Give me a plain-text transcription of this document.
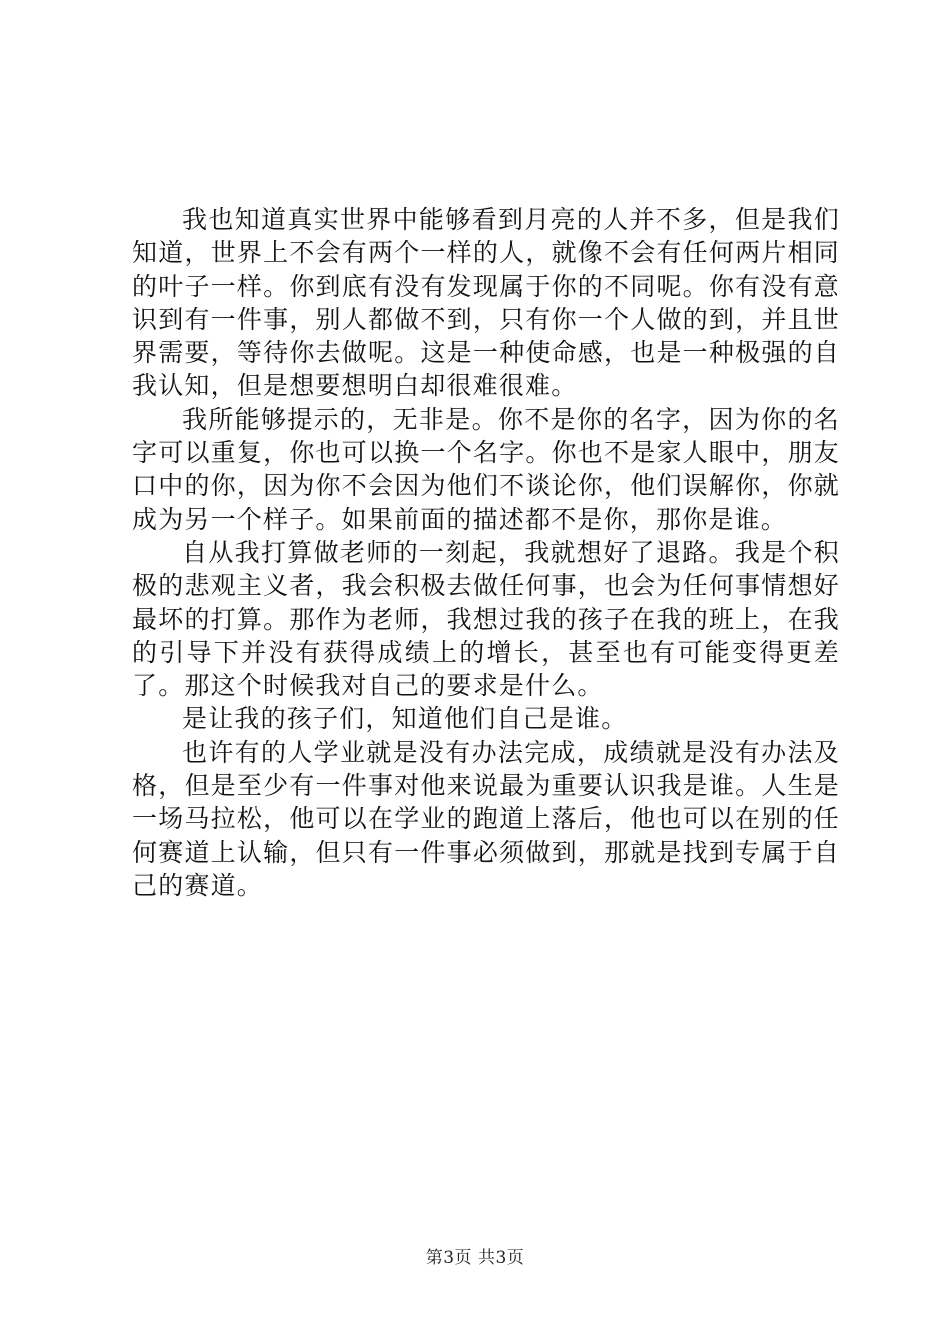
我也知道真实世界中能够看到月亮的人并不多，但是我们知道，世界上不会有两个一样的人，就像不会有任何两片相同的叶子一样。你到底有没有发现属于你的不同呢。你有没有意识到有一件事，别人都做不到，只有你一个人做的到，并且世界需要，等待你去做呢。这是一种使命感，也是一种极强的自我认知，但是想要想明白却很难很难。

我所能够提示的，无非是。你不是你的名字，因为你的名字可以重复，你也可以换一个名字。你也不是家人眼中，朋友口中的你，因为你不会因为他们不谈论你，他们误解你，你就成为另一个样子。如果前面的描述都不是你，那你是谁。

自从我打算做老师的一刻起，我就想好了退路。我是个积极的悲观主义者，我会积极去做任何事，也会为任何事情想好最坏的打算。那作为老师，我想过我的孩子在我的班上，在我的引导下并没有获得成绩上的增长，甚至也有可能变得更差了。那这个时候我对自己的要求是什么。

是让我的孩子们，知道他们自己是谁。

也许有的人学业就是没有办法完成，成绩就是没有办法及格，但是至少有一件事对他来说最为重要认识我是谁。人生是一场马拉松，他可以在学业的跑道上落后，他也可以在别的任何赛道上认输，但只有一件事必须做到，那就是找到专属于自己的赛道。

第3页 共3页
